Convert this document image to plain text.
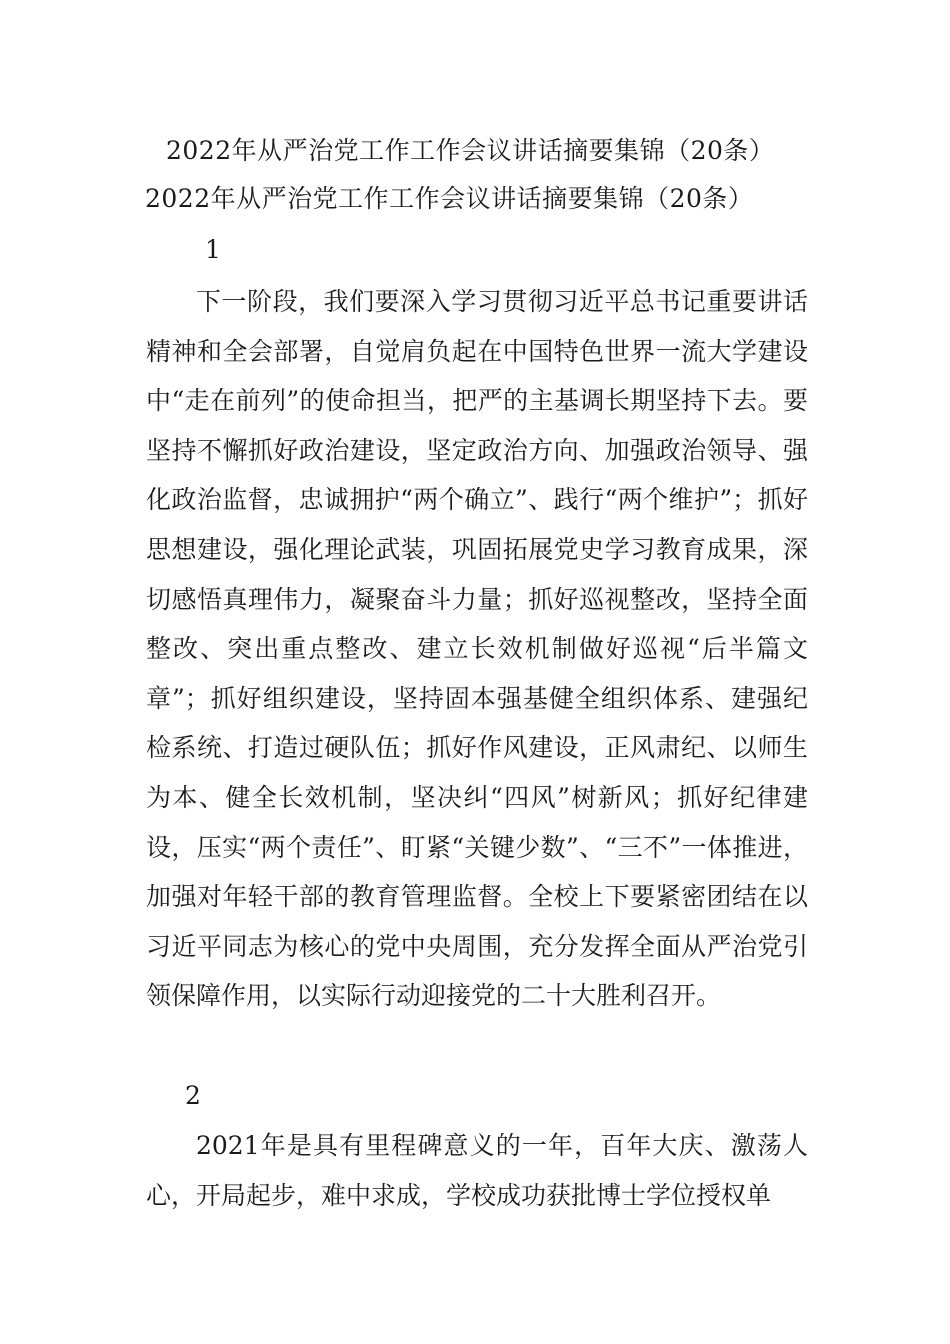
2022年从严治党工作工作会议讲话摘要集锦（20条）
2022年从严治党工作工作会议讲话摘要集锦（20条）
1

下一阶段，我们要深入学习贯彻习近平总书记重要讲话精神和全会部署，自觉肩负起在中国特色世界一流大学建设中“走在前列”的使命担当，把严的主基调长期坚持下去。要坚持不懈抓好政治建设，坚定政治方向、加强政治领导、强化政治监督，忠诚拥护“两个确立”、践行“两个维护”；抓好思想建设，强化理论武装，巩固拓展党史学习教育成果，深切感悟真理伟力，凝聚奋斗力量；抓好巡视整改，坚持全面整改、突出重点整改、建立长效机制做好巡视“后半篇文章”；抓好组织建设，坚持固本强基健全组织体系、建强纪检系统、打造过硬队伍；抓好作风建设，正风肃纪、以师生为本、健全长效机制，坚决纠“四风”树新风；抓好纪律建设，压实“两个责任”、盯紧“关键少数”、“三不”一体推进，加强对年轻干部的教育管理监督。全校上下要紧密团结在以习近平同志为核心的党中央周围，充分发挥全面从严治党引领保障作用，以实际行动迎接党的二十大胜利召开。

2

2021年是具有里程碑意义的一年，百年大庆、激荡人心，开局起步，难中求成，学校成功获批博士学位授权单
